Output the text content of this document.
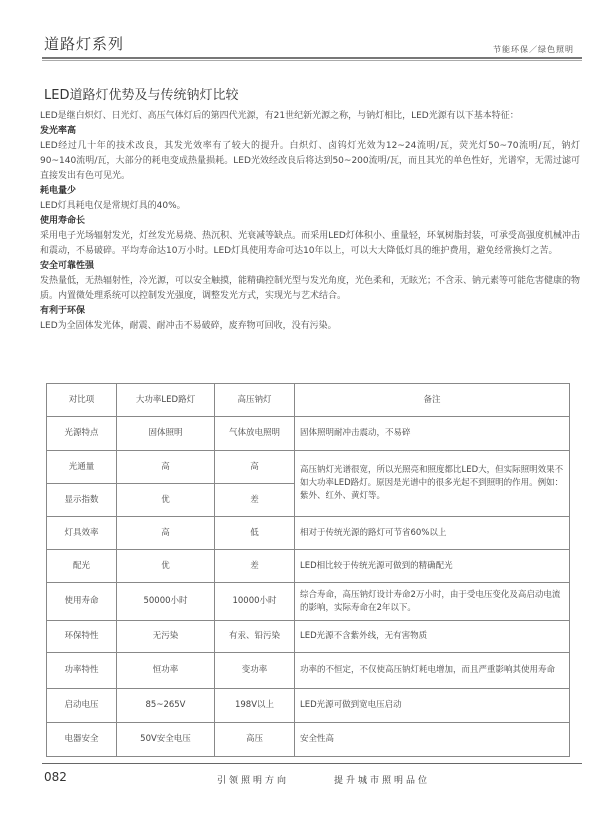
道路灯系列	节能环保／绿色照明
LED道路灯优势及与传统钠灯比较

LED是继白炽灯、日光灯、高压气体灯后的第四代光源，有21世纪新光源之称，与钠灯相比，LED光源有以下基本特征：

发光率高

LED经过几十年的技术改良，其发光效率有了较大的提升。白炽灯、卤钨灯光效为12~24流明/瓦，荧光灯50~70流明/瓦，钠灯90~140流明/瓦，大部分的耗电变成热量损耗。LED光效经改良后将达到50~200流明/瓦，而且其光的单色性好，光谱窄，无需过滤可直接发出有色可见光。

耗电量少

LED灯具耗电仅是常规灯具的40%。

使用寿命长

采用电子光场辐射发光，灯丝发光易烧、热沉积、光衰减等缺点。而采用LED灯体积小、重量轻，环氧树脂封装，可承受高强度机械冲击和震动，不易破碎。平均寿命达10万小时。LED灯具使用寿命可达10年以上，可以大大降低灯具的维护费用，避免经常换灯之苦。

安全可靠性强

发热量低，无热辐射性，冷光源，可以安全触摸，能精确控制光型与发光角度，光色柔和，无眩光；不含汞、钠元素等可能危害健康的物质。内置微处理系统可以控制发光强度，调整发光方式，实现光与艺术结合。

有利于环保

LED为全固体发光体，耐震、耐冲击不易破碎，废弃物可回收，没有污染。

对比项	大功率LED路灯	高压钠灯	备注
光源特点	固体照明	气体放电照明	固体照明耐冲击震动，不易碎
光通量	高	高	高压钠灯光谱很宽，所以光照亮和照度都比LED大，但实际照明效果不如大功率LED路灯。原因是光谱中的很多光起不到照明的作用。例如：紫外、红外、黄灯等。
显示指数	优	差	
灯具效率	高	低	相对于传统光源的路灯可节省60%以上
配光	优	差	LED相比较于传统光源可做到的精确配光
使用寿命	50000小时	10000小时	综合寿命，高压钠灯设计寿命2万小时，由于受电压变化及高启动电流的影响，实际寿命在2年以下。
环保特性	无污染	有汞、铅污染	LED光源不含紫外线，无有害物质
功率特性	恒功率	变功率	功率的不恒定，不仅使高压钠灯耗电增加，而且严重影响其使用寿命
启动电压	85~265V	198V以上	LED光源可做到宽电压启动
电器安全	50V安全电压	高压	安全性高
082	引领照明方向	提升城市照明品位
